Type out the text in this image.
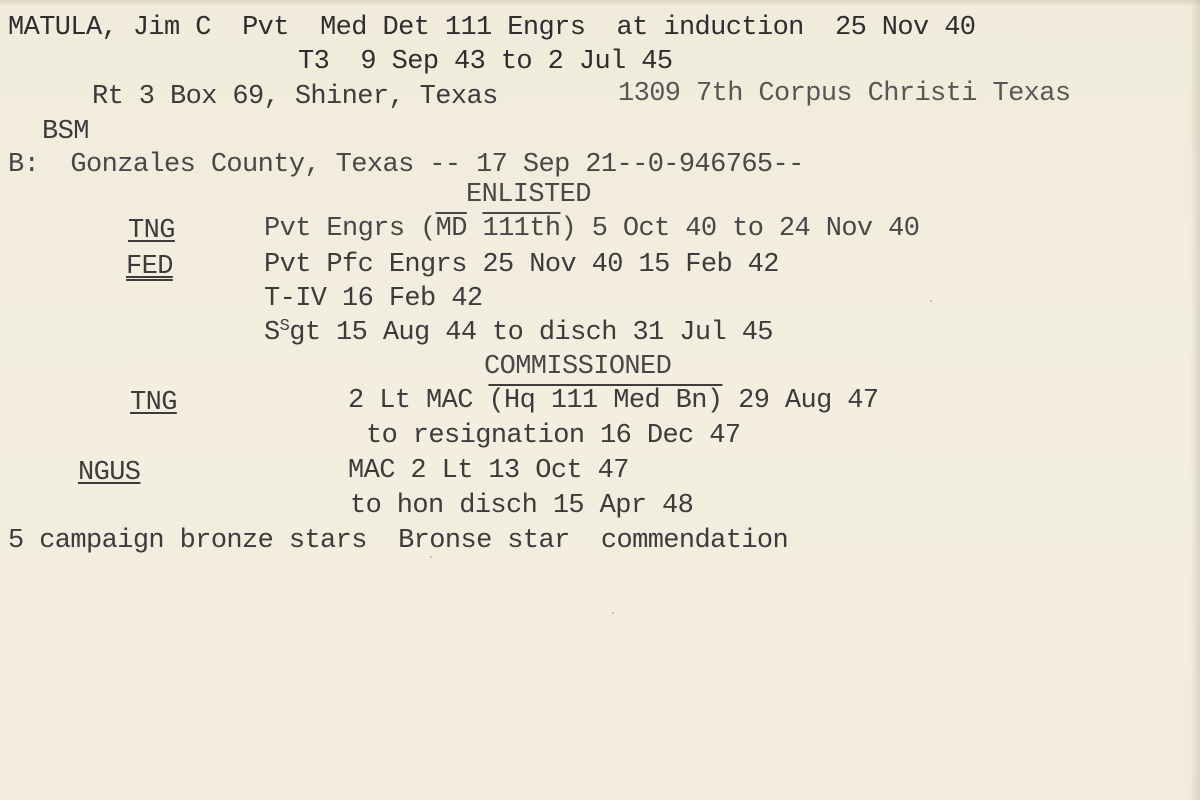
MATULA, Jim C Pvt  Med Det 111 Engrs at induction  25 Nov 40
T3  9 Sep 43 to 2 Jul 45
Rt 3 Box 69, Shiner, Texas	1309 7th Corpus Christi Texas
BSM
B:  Gonzales County, Texas -- 17 Sep 21--0-946765--
ENLISTED
TNG	Pvt Engrs ($\overline{MD}$ 111th) 5 Oct 40 to 24 Nov 40
FED	Pvt Pfc Engrs 25 Nov 40 15 Feb 42
T-IV 16 Feb 42
$S^Sgt$ 15 Aug 44 to disch 31 Jul 45
COMMISSIONED
TNG	2 Lt MAC (Hq 111 Med Bn) 29 Aug 47
to resignation 16 Dec 47
NGUS	MAC 2 Lt 13 Oct 47
to hon disch 15 Apr 48
5 campaign bronze stars  Bronse star  commendation
